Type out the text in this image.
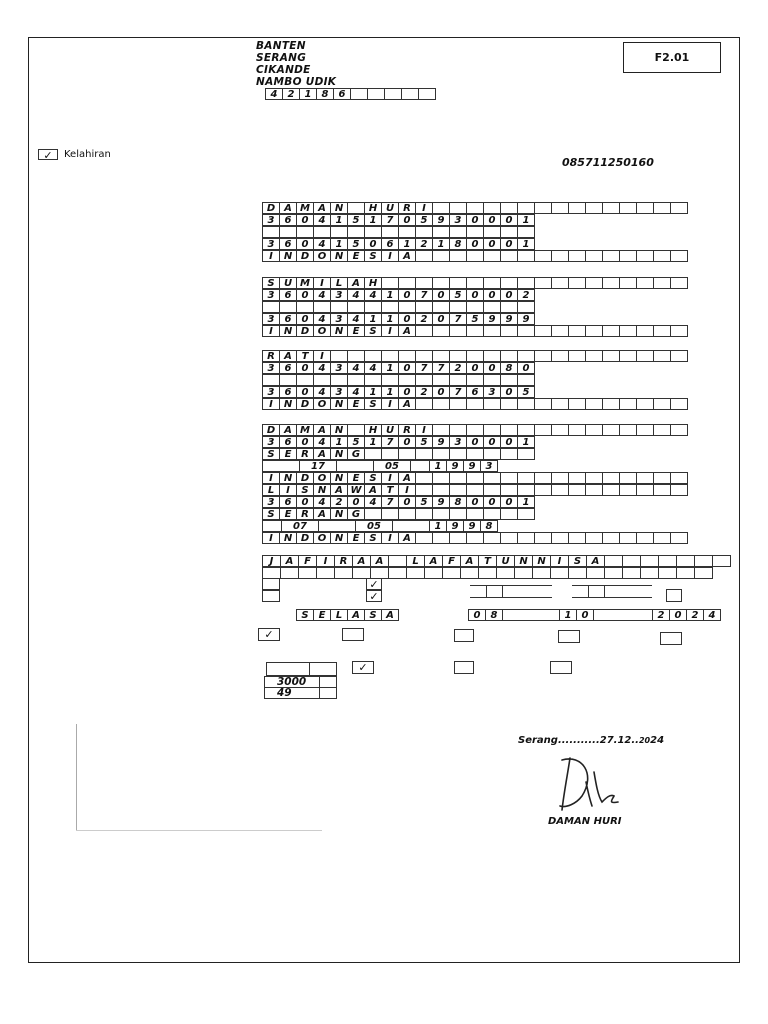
BANTEN
SERANG
CIKANDE
NAMBO UDIK
4	2	1	8	6
F2.01
✓	Kelahiran
085711250160
D A M A N	H U R	I
3	6	0	4	1	5	1	7	0	5	9	3	0	0	0	1
3	6	0	4	1	5	0	6	1	2	1	8	0	0	0	1
I	N D O N E S	I	A
S U M	I	L A H
3	6	0	4	3	4	4	1	0	7	0	5	0	0	0	2
3	6	0	4	3	4	1	1	0	2	0	7	5	9	9	9
I	N D O N E S	I	A
R A T	I
3	6	0	4	3	4	4	1	0	7	7	2	0	0	8	0
3	6	0	4	3	4	1	1	0	2	0	7	6	3	0	5
I	N D O N E S	I	A
D A M A N	H U R	I
3	6	0	4	1	5	1	7	0	5	9	3	0	0	0	1
S E R A N G
17	05	1	9	9	3
I	N D O N E S	I	A
L	I	S N A W A T	I
3	6	0	4	2	0	4	7	0	5	9	8	0	0	0	1
S E R A N G
07	05	1	9	9	8
I	N D O N E S	I	A
J	A	F	I	R	A	A	L	A	F	A	T	U N N	I	S	A
✓
✓
S E	L A S A	0	8	1	0	2	0	2	4
✓
✓
3000
49
Serang...........27.12..2024
DAMAN HURI
